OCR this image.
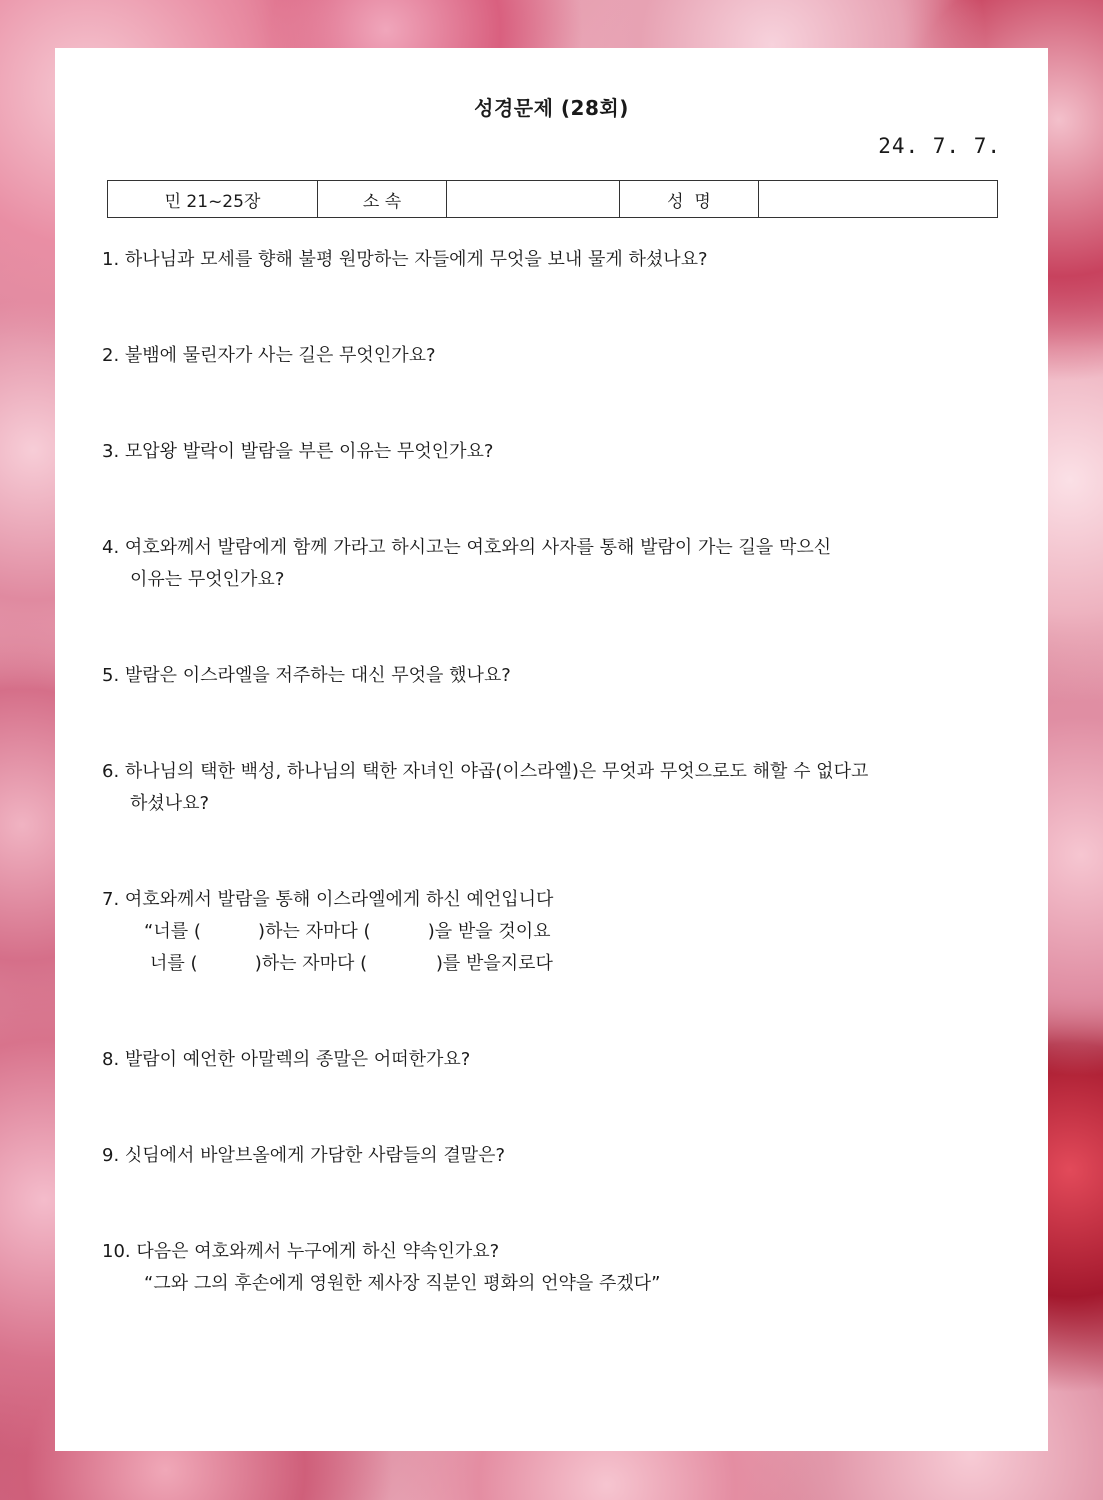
성경문제 (28회)
24. 7. 7.
민 21~25장	소 속		성  명	
1. 하나님과 모세를 향해 불평 원망하는 자들에게 무엇을 보내 물게 하셨나요?
2. 불뱀에 물린자가 사는 길은 무엇인가요?
3. 모압왕 발락이 발람을 부른 이유는 무엇인가요?
4. 여호와께서 발람에게 함께 가라고 하시고는 여호와의 사자를 통해 발람이 가는 길을 막으신
이유는 무엇인가요?
5. 발람은 이스라엘을 저주하는 대신 무엇을 했나요?
6. 하나님의 택한 백성, 하나님의 택한 자녀인 야곱(이스라엘)은 무엇과 무엇으로도 해할 수 없다고
하셨나요?
7. 여호와께서 발람을 통해 이스라엘에게 하신 예언입니다
“너를 (          )하는 자마다 (          )을 받을 것이요
너를 (          )하는 자마다 (            )를 받을지로다
8. 발람이 예언한 아말렉의 종말은 어떠한가요?
9. 싯딤에서 바알브올에게 가담한 사람들의 결말은?
10. 다음은 여호와께서 누구에게 하신 약속인가요?
“그와 그의 후손에게 영원한 제사장 직분인 평화의 언약을 주겠다”
